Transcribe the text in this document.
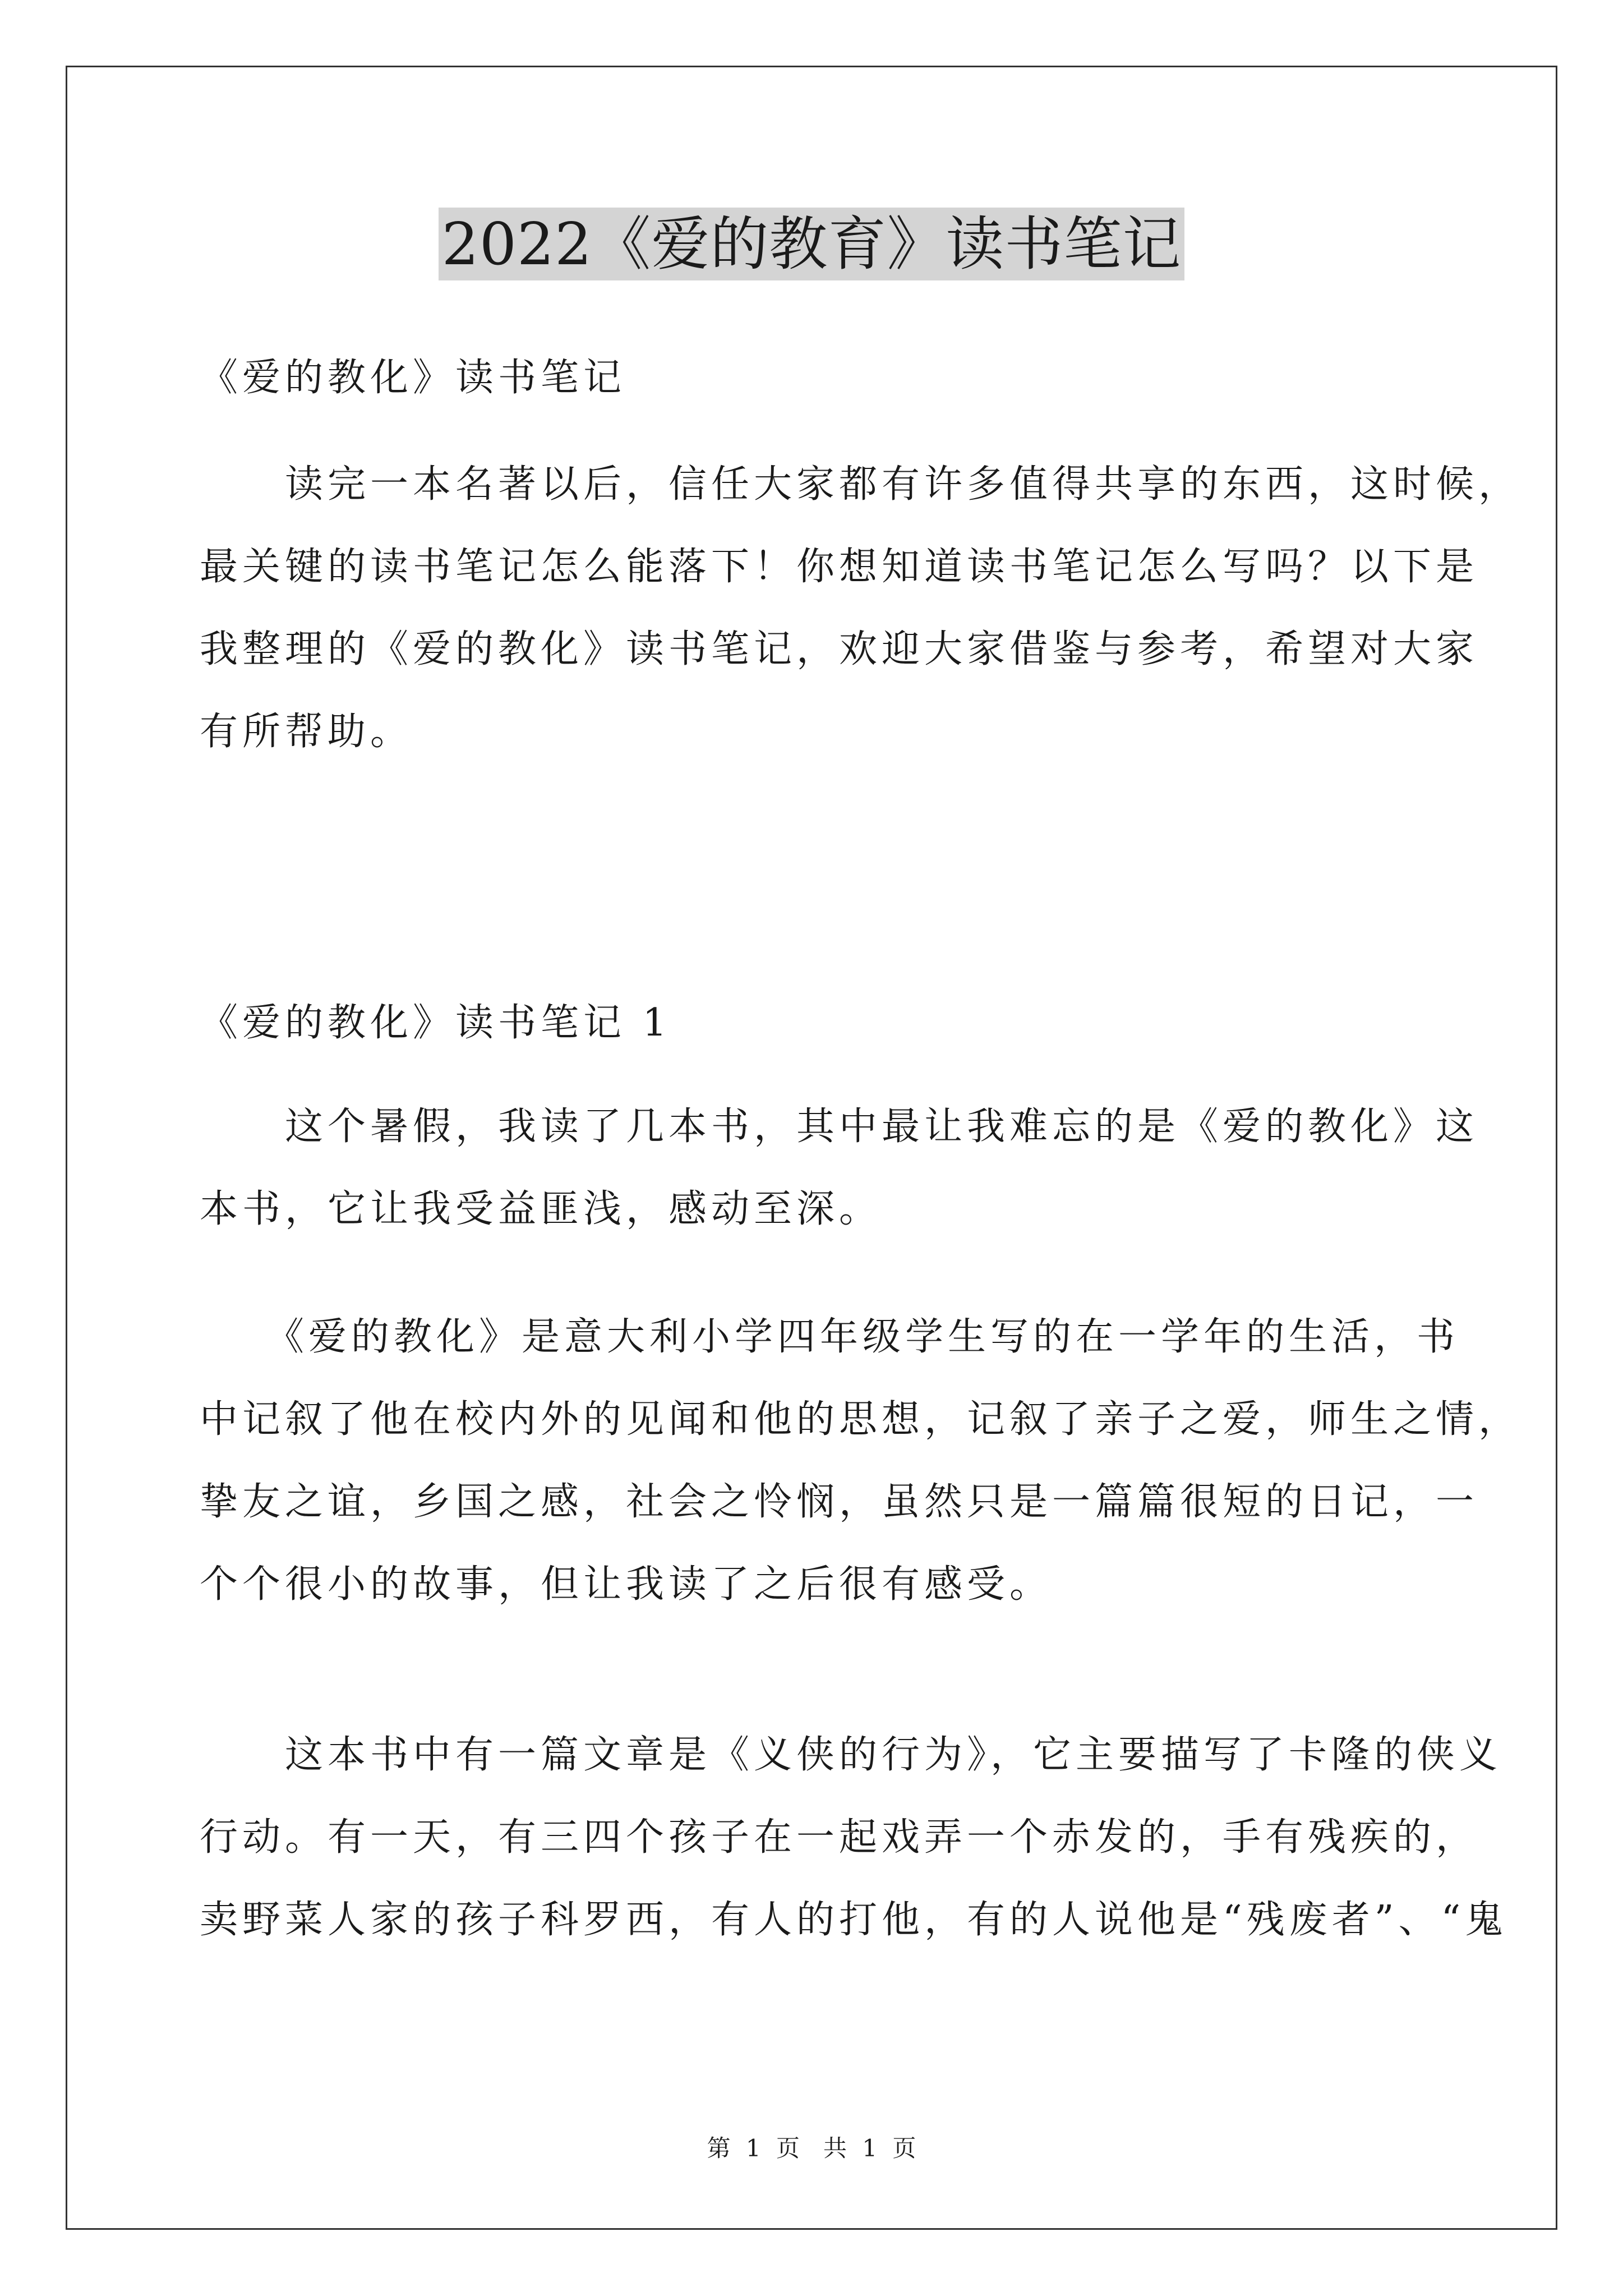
2022《爱的教育》读书笔记
《爱的教化》读书笔记
　　读完一本名著以后，信任大家都有许多值得共享的东西，这时候，
最关键的读书笔记怎么能落下！你想知道读书笔记怎么写吗？以下是
我整理的《爱的教化》读书笔记，欢迎大家借鉴与参考，希望对大家
有所帮助。
《爱的教化》读书笔记 1
　　这个暑假，我读了几本书，其中最让我难忘的是《爱的教化》这
本书，它让我受益匪浅，感动至深。
　　《爱的教化》是意大利小学四年级学生写的在一学年的生活，书
中记叙了他在校内外的见闻和他的思想，记叙了亲子之爱，师生之情，
挚友之谊，乡国之感，社会之怜悯，虽然只是一篇篇很短的日记，一
个个很小的故事，但让我读了之后很有感受。
　　这本书中有一篇文章是《义侠的行为》，它主要描写了卡隆的侠义
行动。有一天，有三四个孩子在一起戏弄一个赤发的，手有残疾的，
卖野菜人家的孩子科罗西，有人的打他，有的人说他是“残废者”、“鬼
第 1 页　共 1 页
